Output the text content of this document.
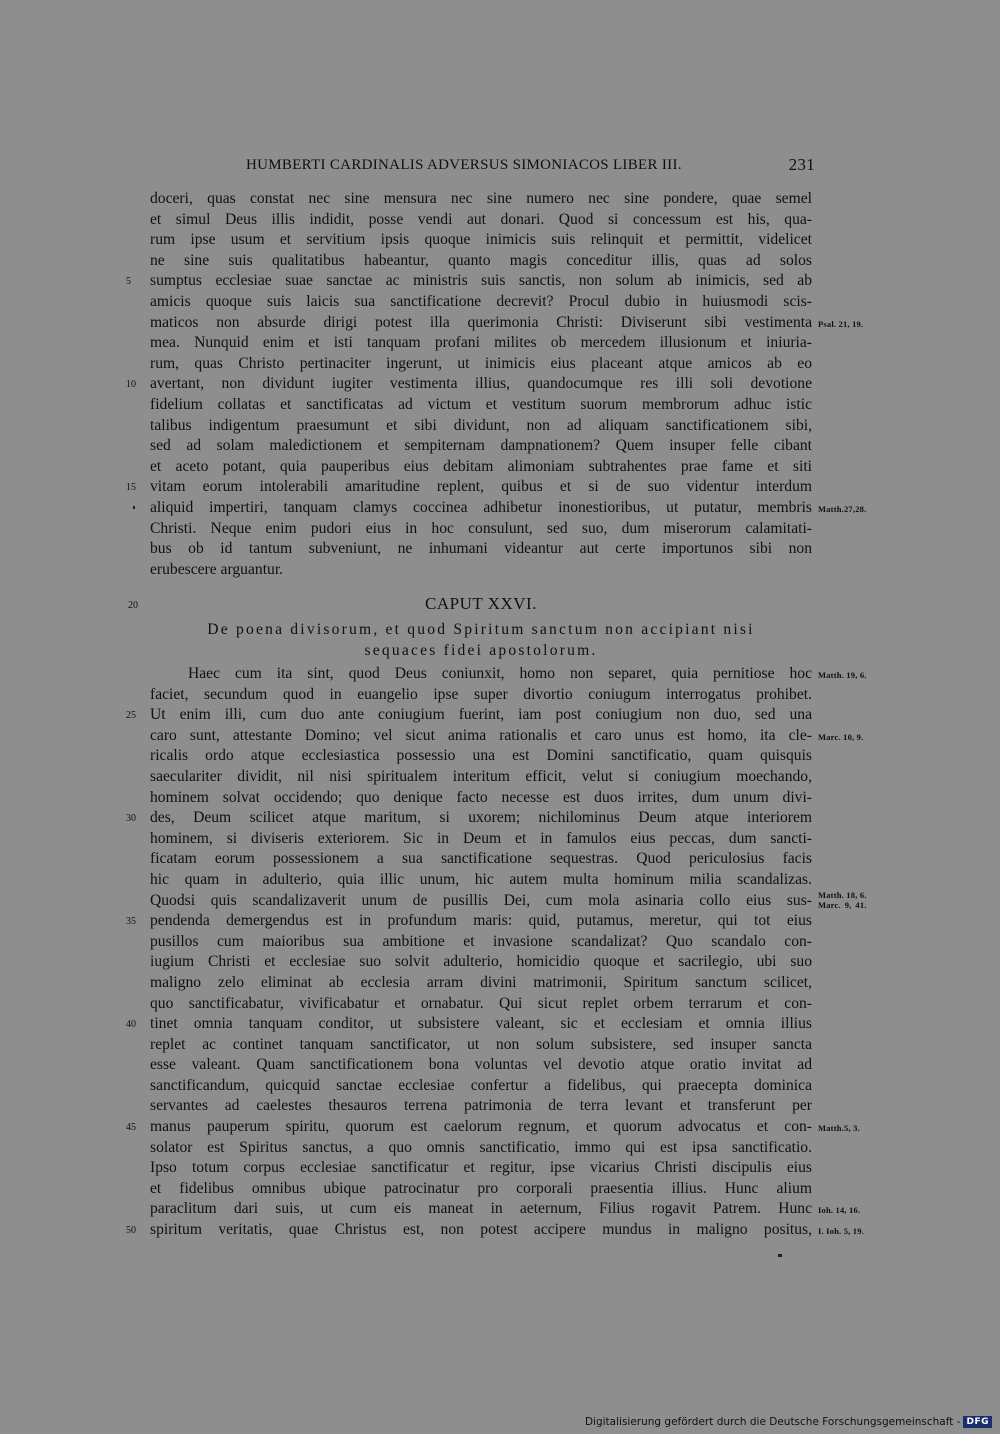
HUMBERTI CARDINALIS ADVERSUS SIMONIACOS LIBER III.	231
doceri, quas constat nec sine mensura nec sine numero nec sine pondere, quae semel
et simul Deus illis indidit, posse vendi aut donari. Quod si concessum est his, qua-
rum ipse usum et servitium ipsis quoque inimicis suis relinquit et permittit, videlicet
ne sine suis qualitatibus habeantur, quanto magis conceditur illis, quas ad solos
sumptus ecclesiae suae sanctae ac ministris suis sanctis, non solum ab inimicis, sed ab
5
amicis quoque suis laicis sua sanctificatione decrevit? Procul dubio in huiusmodi scis-
maticos non absurde dirigi potest illa querimonia Christi: Diviserunt sibi vestimenta Psal. 21, 19.
mea. Nunquid enim et isti tanquam profani milites ob mercedem illusionum et iniuria-
rum, quas Christo pertinaciter ingerunt, ut inimicis eius placeant atque amicos ab eo
avertant, non dividunt iugiter vestimenta illius, quandocumque res illi soli devotione
10
fidelium collatas et sanctificatas ad victum et vestitum suorum membrorum adhuc istic
talibus indigentum praesumunt et sibi dividunt, non ad aliquam sanctificationem sibi,
sed ad solam maledictionem et sempiternam dampnationem? Quem insuper felle cibant
et aceto potant, quia pauperibus eius debitam alimoniam subtrahentes prae fame et siti
vitam eorum intolerabili amaritudine replent, quibus et si de suo videntur interdum
15
aliquid impertiri, tanquam clamys coccinea adhibetur inonestioribus, ut putatur, membris Matth.27,28.
Christi. Neque enim pudori eius in hoc consulunt, sed suo, dum miserorum calamitati-
bus ob id tantum subveniunt, ne inhumani videantur aut certe importunos sibi non
erubescere arguantur.
20	CAPUT XXVI.
De poena divisorum, et quod Spiritum sanctum non accipiant nisi
sequaces fidei apostolorum.
Haec cum ita sint, quod Deus coniunxit, homo non separet, quia pernitiose hoc Matth. 19, 6.
faciet, secundum quod in euangelio ipse super divortio coniugum interrogatus prohibet.
Ut enim illi, cum duo ante coniugium fuerint, iam post coniugium non duo, sed una
25
caro sunt, attestante Domino; vel sicut anima rationalis et caro unus est homo, ita cle- Marc. 10, 9.
ricalis ordo atque ecclesiastica possessio una est Domini sanctificatio, quam quisquis
saeculariter dividit, nil nisi spiritualem interitum efficit, velut si coniugium moechando,
hominem solvat occidendo; quo denique facto necesse est duos irrites, dum unum divi-
des, Deum scilicet atque maritum, si uxorem; nichilominus Deum atque interiorem
30
hominem, si diviseris exteriorem. Sic in Deum et in famulos eius peccas, dum sancti-
ficatam eorum possessionem a sua sanctificatione sequestras. Quod periculosius facis
hic quam in adulterio, quia illic unum, hic autem multa hominum milia scandalizas.
Quodsi quis scandalizaverit unum de pusillis Dei, cum mola asinaria collo eius sus- Matth. 18, 6.
Marc. 9, 41.
pendenda demergendus est in profundum maris: quid, putamus, meretur, qui tot eius
35
pusillos cum maioribus sua ambitione et invasione scandalizat? Quo scandalo con-
iugium Christi et ecclesiae suo solvit adulterio, homicidio quoque et sacrilegio, ubi suo
maligno zelo eliminat ab ecclesia arram divini matrimonii, Spiritum sanctum scilicet,
quo sanctificabatur, vivificabatur et ornabatur. Qui sicut replet orbem terrarum et con-
tinet omnia tanquam conditor, ut subsistere valeant, sic et ecclesiam et omnia illius
40
replet ac continet tanquam sanctificator, ut non solum subsistere, sed insuper sancta
esse valeant. Quam sanctificationem bona voluntas vel devotio atque oratio invitat ad
sanctificandum, quicquid sanctae ecclesiae confertur a fidelibus, qui praecepta dominica
servantes ad caelestes thesauros terrena patrimonia de terra levant et transferunt per
manus pauperum spiritu, quorum est caelorum regnum, et quorum advocatus et con-
45	Matth.5, 3.
solator est Spiritus sanctus, a quo omnis sanctificatio, immo qui est ipsa sanctificatio.
Ipso totum corpus ecclesiae sanctificatur et regitur, ipse vicarius Christi discipulis eius
et fidelibus omnibus ubique patrocinatur pro corporali praesentia illius. Hunc alium
paraclitum dari suis, ut cum eis maneat in aeternum, Filius rogavit Patrem. Hunc Ioh. 14, 16.
spiritum veritatis, quae Christus est, non potest accipere mundus in maligno positus,
50	I. Ioh. 5, 19.
Digitalisierung gefördert durch die Deutsche Forschungsgemeinschaft - DFG
